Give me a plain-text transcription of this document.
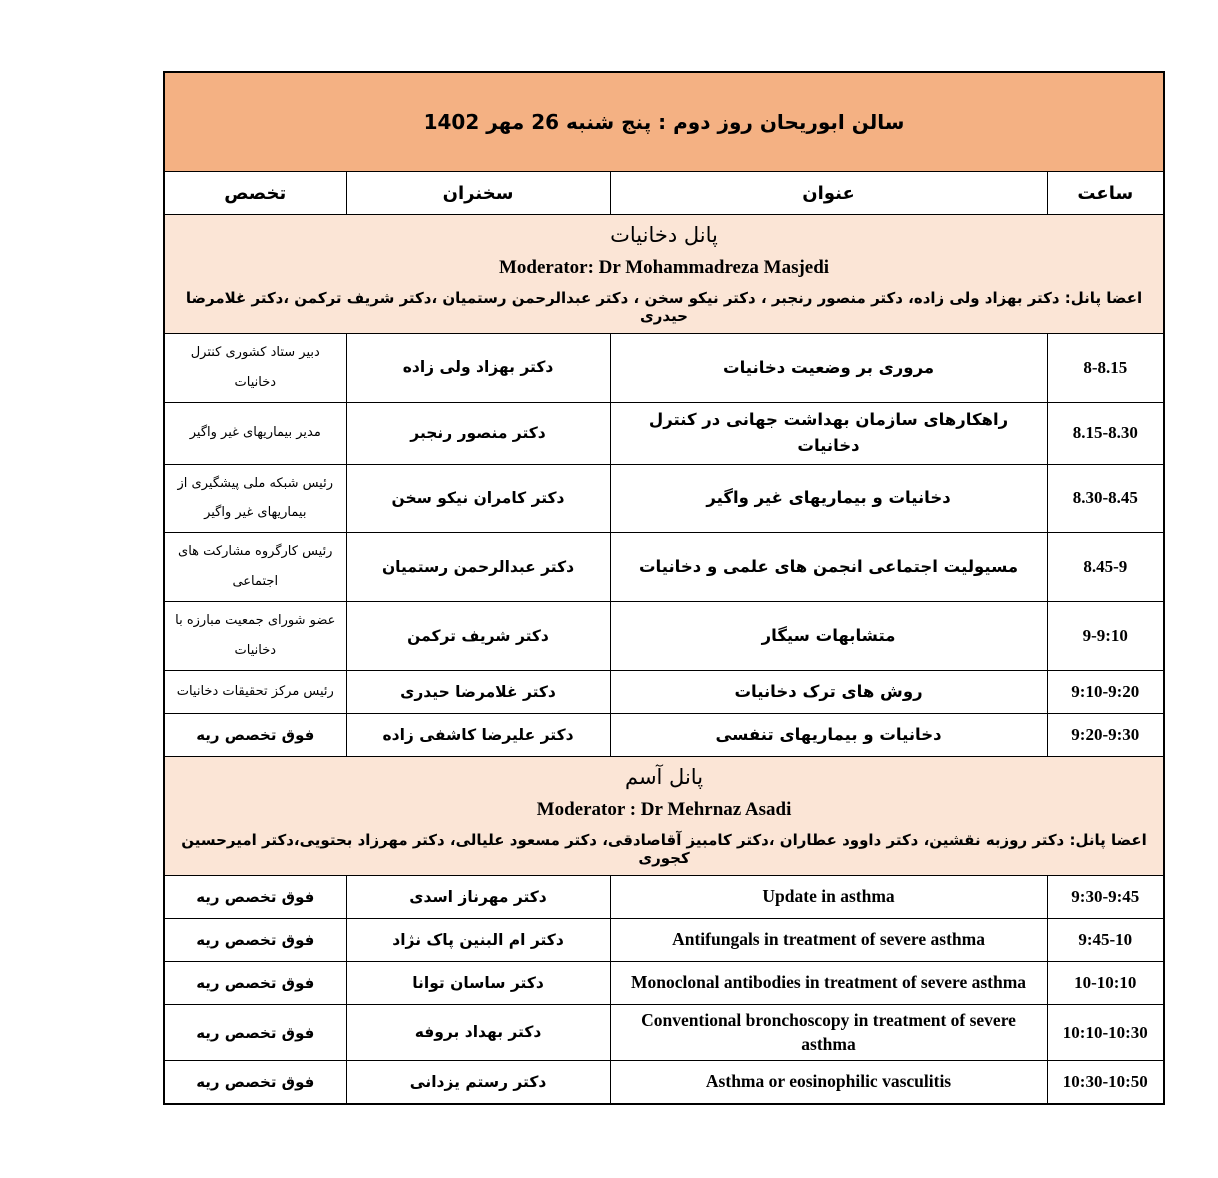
سالن ابوریحان روز دوم : پنج شنبه 26 مهر 1402			
ساعت	عنوان	سخنران	تخصص

پانل دخانیات
Moderator: Dr Mohammadreza Masjedi
اعضا پانل: دکتر بهزاد ولی زاده، دکتر منصور رنجبر ، دکتر نیکو سخن ، دکتر عبدالرحمن رستمیان ،دکتر شریف ترکمن ،دکتر غلامرضا حیدری			

8-8.15	مروری بر وضعیت دخانیات	دکتر بهزاد ولی زاده	دبیر ستاد کشوری کنترل دخانیات
8.15-8.30	راهکارهای سازمان بهداشت جهانی در کنترل دخانیات	دکتر منصور رنجبر	مدیر بیماریهای غیر واگیر
8.30-8.45	دخانیات و بیماریهای غیر واگیر	دکتر کامران نیکو سخن	رئیس شبکه ملی پیشگیری از بیماریهای غیر واگیر
8.45-9	مسیولیت اجتماعی انجمن های علمی و دخانیات	دکتر عبدالرحمن رستمیان	رئیس کارگروه مشارکت های اجتماعی
9-9:10	متشابهات سیگار	دکتر شریف ترکمن	عضو شورای جمعیت مبارزه با دخانیات
9:10-9:20	روش های ترک دخانیات	دکتر غلامرضا حیدری	رئیس مرکز تحقیقات دخانیات
9:20-9:30	دخانیات و بیماریهای تنفسی	دکتر علیرضا کاشفی زاده	فوق تخصص ریه

پانل آسم
Moderator : Dr Mehrnaz Asadi
اعضا پانل: دکتر روزبه نقشین، دکتر داوود عطاران ،دکتر کامبیز آقاصادقی، دکتر مسعود علیالی، دکتر مهرزاد بحتویی،دکتر امیرحسین کجوری			

9:30-9:45	Update in asthma	دکتر مهرناز اسدی	فوق تخصص ریه
9:45-10	Antifungals in treatment of severe asthma	دکتر ام البنین پاک نژاد	فوق تخصص ریه
10-10:10	Monoclonal antibodies in treatment of severe asthma	دکتر ساسان توانا	فوق تخصص ریه
10:10-10:30	Conventional bronchoscopy in treatment of severe asthma	دکتر بهداد بروفه	فوق تخصص ریه
10:30-10:50	Asthma or eosinophilic vasculitis	دکتر رستم یزدانی	فوق تخصص ریه
